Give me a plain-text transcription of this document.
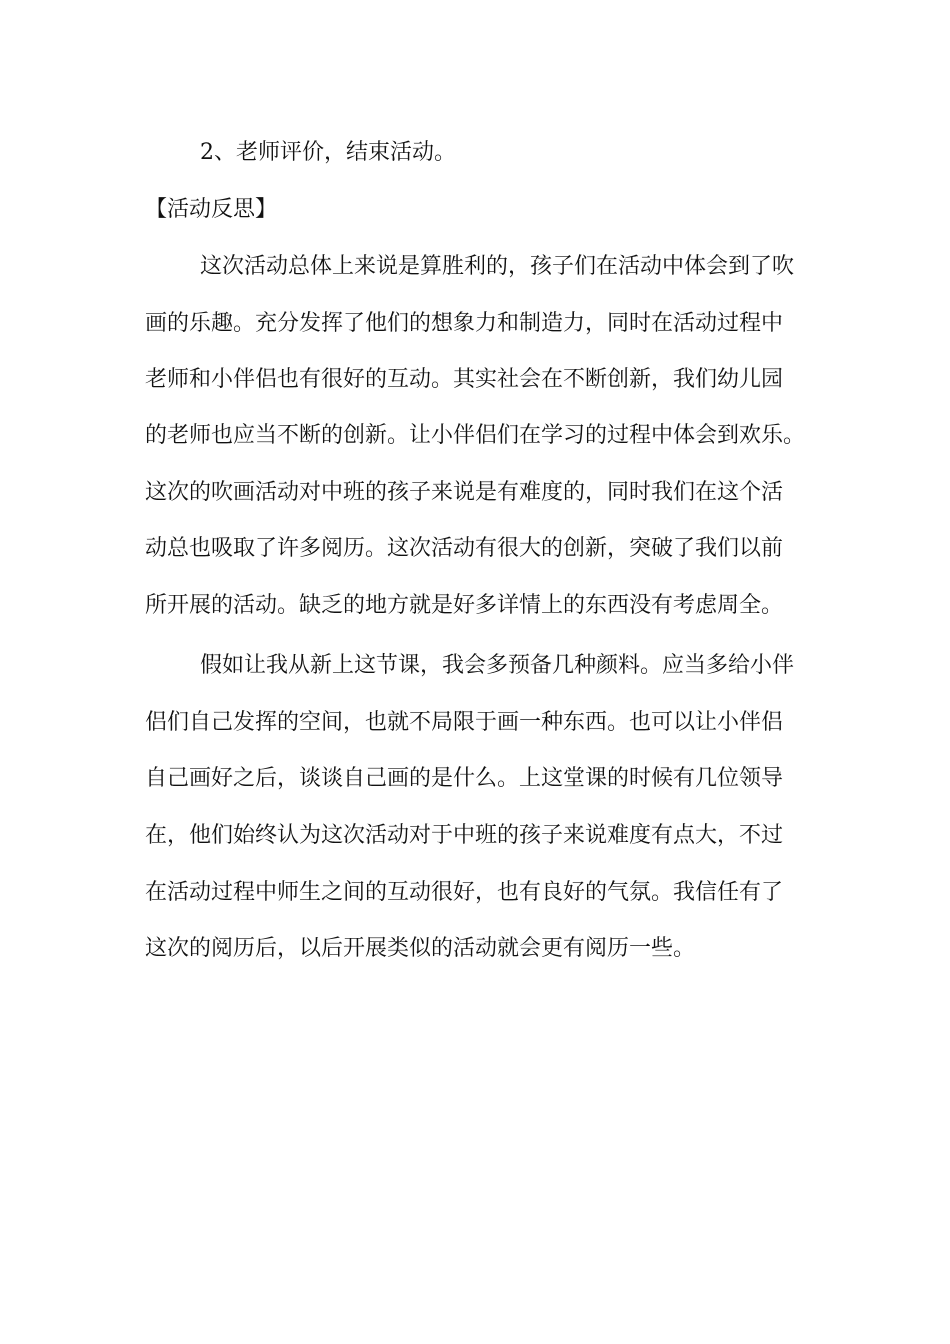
2、老师评价，结束活动。
【活动反思】
这次活动总体上来说是算胜利的，孩子们在活动中体会到了吹
画的乐趣。充分发挥了他们的想象力和制造力，同时在活动过程中
老师和小伴侣也有很好的互动。其实社会在不断创新，我们幼儿园
的老师也应当不断的创新。让小伴侣们在学习的过程中体会到欢乐。
这次的吹画活动对中班的孩子来说是有难度的，同时我们在这个活
动总也吸取了许多阅历。这次活动有很大的创新，突破了我们以前
所开展的活动。缺乏的地方就是好多详情上的东西没有考虑周全。
假如让我从新上这节课，我会多预备几种颜料。应当多给小伴
侣们自己发挥的空间，也就不局限于画一种东西。也可以让小伴侣
自己画好之后，谈谈自己画的是什么。上这堂课的时候有几位领导
在，他们始终认为这次活动对于中班的孩子来说难度有点大，不过
在活动过程中师生之间的互动很好，也有良好的气氛。我信任有了
这次的阅历后，以后开展类似的活动就会更有阅历一些。
